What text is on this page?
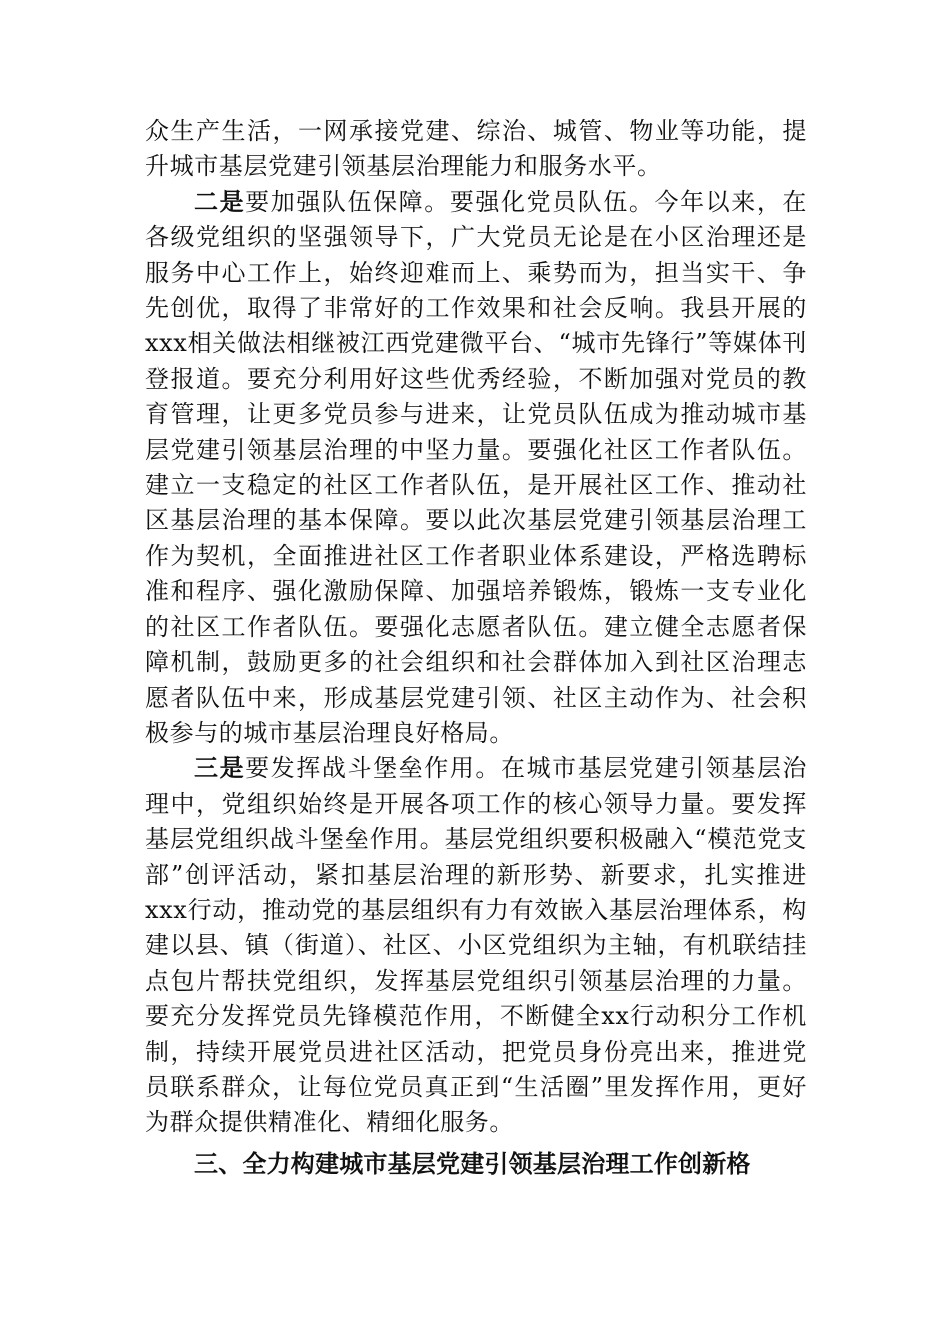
众生产生活，一网承接党建、综治、城管、物业等功能，提升城市基层党建引领基层治理能力和服务水平。

二是要加强队伍保障。要强化党员队伍。今年以来，在各级党组织的坚强领导下，广大党员无论是在小区治理还是服务中心工作上，始终迎难而上、乘势而为，担当实干、争先创优，取得了非常好的工作效果和社会反响。我县开展的xxx相关做法相继被江西党建微平台、“城市先锋行”等媒体刊登报道。要充分利用好这些优秀经验，不断加强对党员的教育管理，让更多党员参与进来，让党员队伍成为推动城市基层党建引领基层治理的中坚力量。要强化社区工作者队伍。建立一支稳定的社区工作者队伍，是开展社区工作、推动社区基层治理的基本保障。要以此次基层党建引领基层治理工作为契机，全面推进社区工作者职业体系建设，严格选聘标准和程序、强化激励保障、加强培养锻炼，锻炼一支专业化的社区工作者队伍。要强化志愿者队伍。建立健全志愿者保障机制，鼓励更多的社会组织和社会群体加入到社区治理志愿者队伍中来，形成基层党建引领、社区主动作为、社会积极参与的城市基层治理良好格局。

三是要发挥战斗堡垒作用。在城市基层党建引领基层治理中，党组织始终是开展各项工作的核心领导力量。要发挥基层党组织战斗堡垒作用。基层党组织要积极融入“模范党支部”创评活动，紧扣基层治理的新形势、新要求，扎实推进xxx行动，推动党的基层组织有力有效嵌入基层治理体系，构建以县、镇（街道）、社区、小区党组织为主轴，有机联结挂点包片帮扶党组织，发挥基层党组织引领基层治理的力量。要充分发挥党员先锋模范作用，不断健全xx行动积分工作机制，持续开展党员进社区活动，把党员身份亮出来，推进党员联系群众，让每位党员真正到“生活圈”里发挥作用，更好为群众提供精准化、精细化服务。

三、全力构建城市基层党建引领基层治理工作创新格
